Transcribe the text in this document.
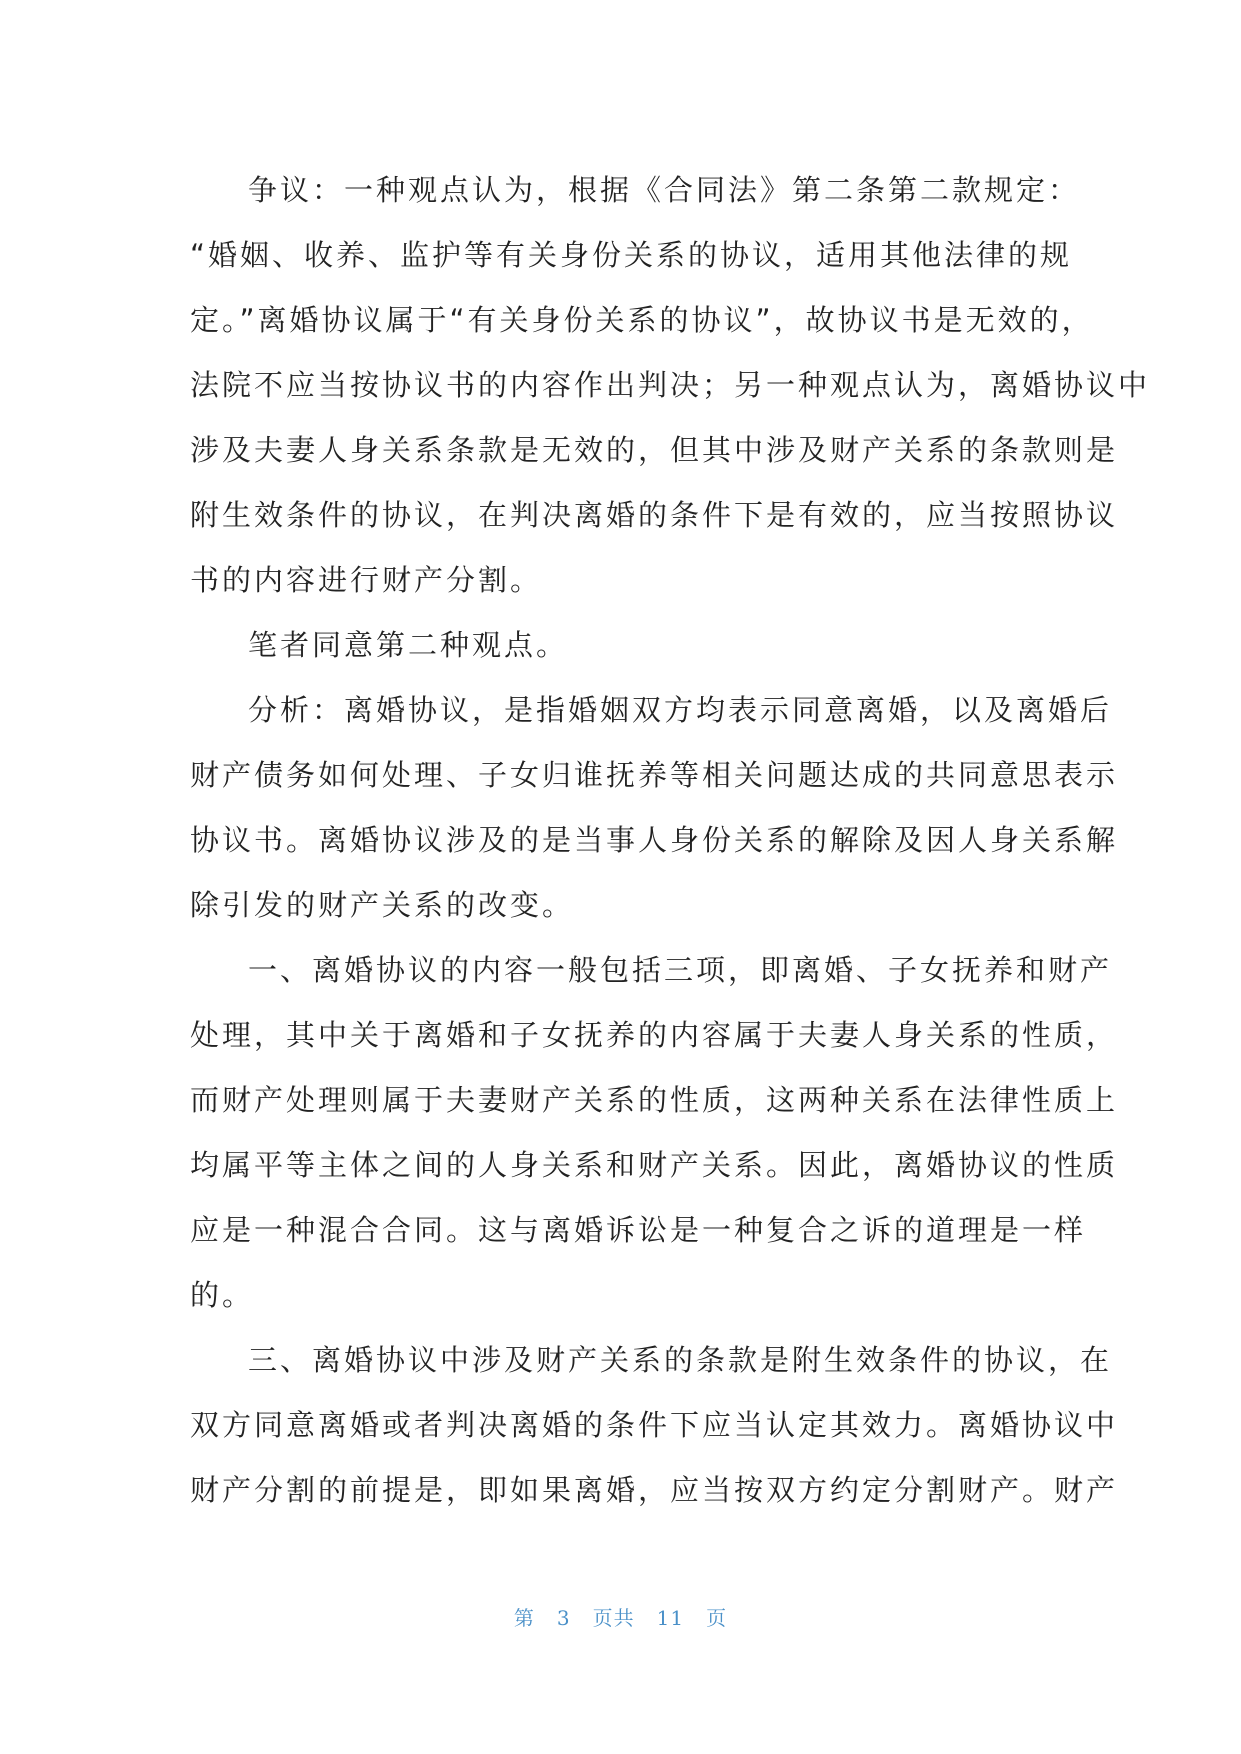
争议：一种观点认为，根据《合同法》第二条第二款规定：
“婚姻、收养、监护等有关身份关系的协议，适用其他法律的规
定。”离婚协议属于“有关身份关系的协议”，故协议书是无效的，
法院不应当按协议书的内容作出判决；另一种观点认为，离婚协议中
涉及夫妻人身关系条款是无效的，但其中涉及财产关系的条款则是
附生效条件的协议，在判决离婚的条件下是有效的，应当按照协议
书的内容进行财产分割。
笔者同意第二种观点。
分析：离婚协议，是指婚姻双方均表示同意离婚，以及离婚后
财产债务如何处理、子女归谁抚养等相关问题达成的共同意思表示
协议书。离婚协议涉及的是当事人身份关系的解除及因人身关系解
除引发的财产关系的改变。
一、离婚协议的内容一般包括三项，即离婚、子女抚养和财产
处理，其中关于离婚和子女抚养的内容属于夫妻人身关系的性质，
而财产处理则属于夫妻财产关系的性质，这两种关系在法律性质上
均属平等主体之间的人身关系和财产关系。因此，离婚协议的性质
应是一种混合合同。这与离婚诉讼是一种复合之诉的道理是一样
的。
三、离婚协议中涉及财产关系的条款是附生效条件的协议，在
双方同意离婚或者判决离婚的条件下应当认定其效力。离婚协议中
财产分割的前提是，即如果离婚，应当按双方约定分割财产。财产
第 3 页共 11 页
